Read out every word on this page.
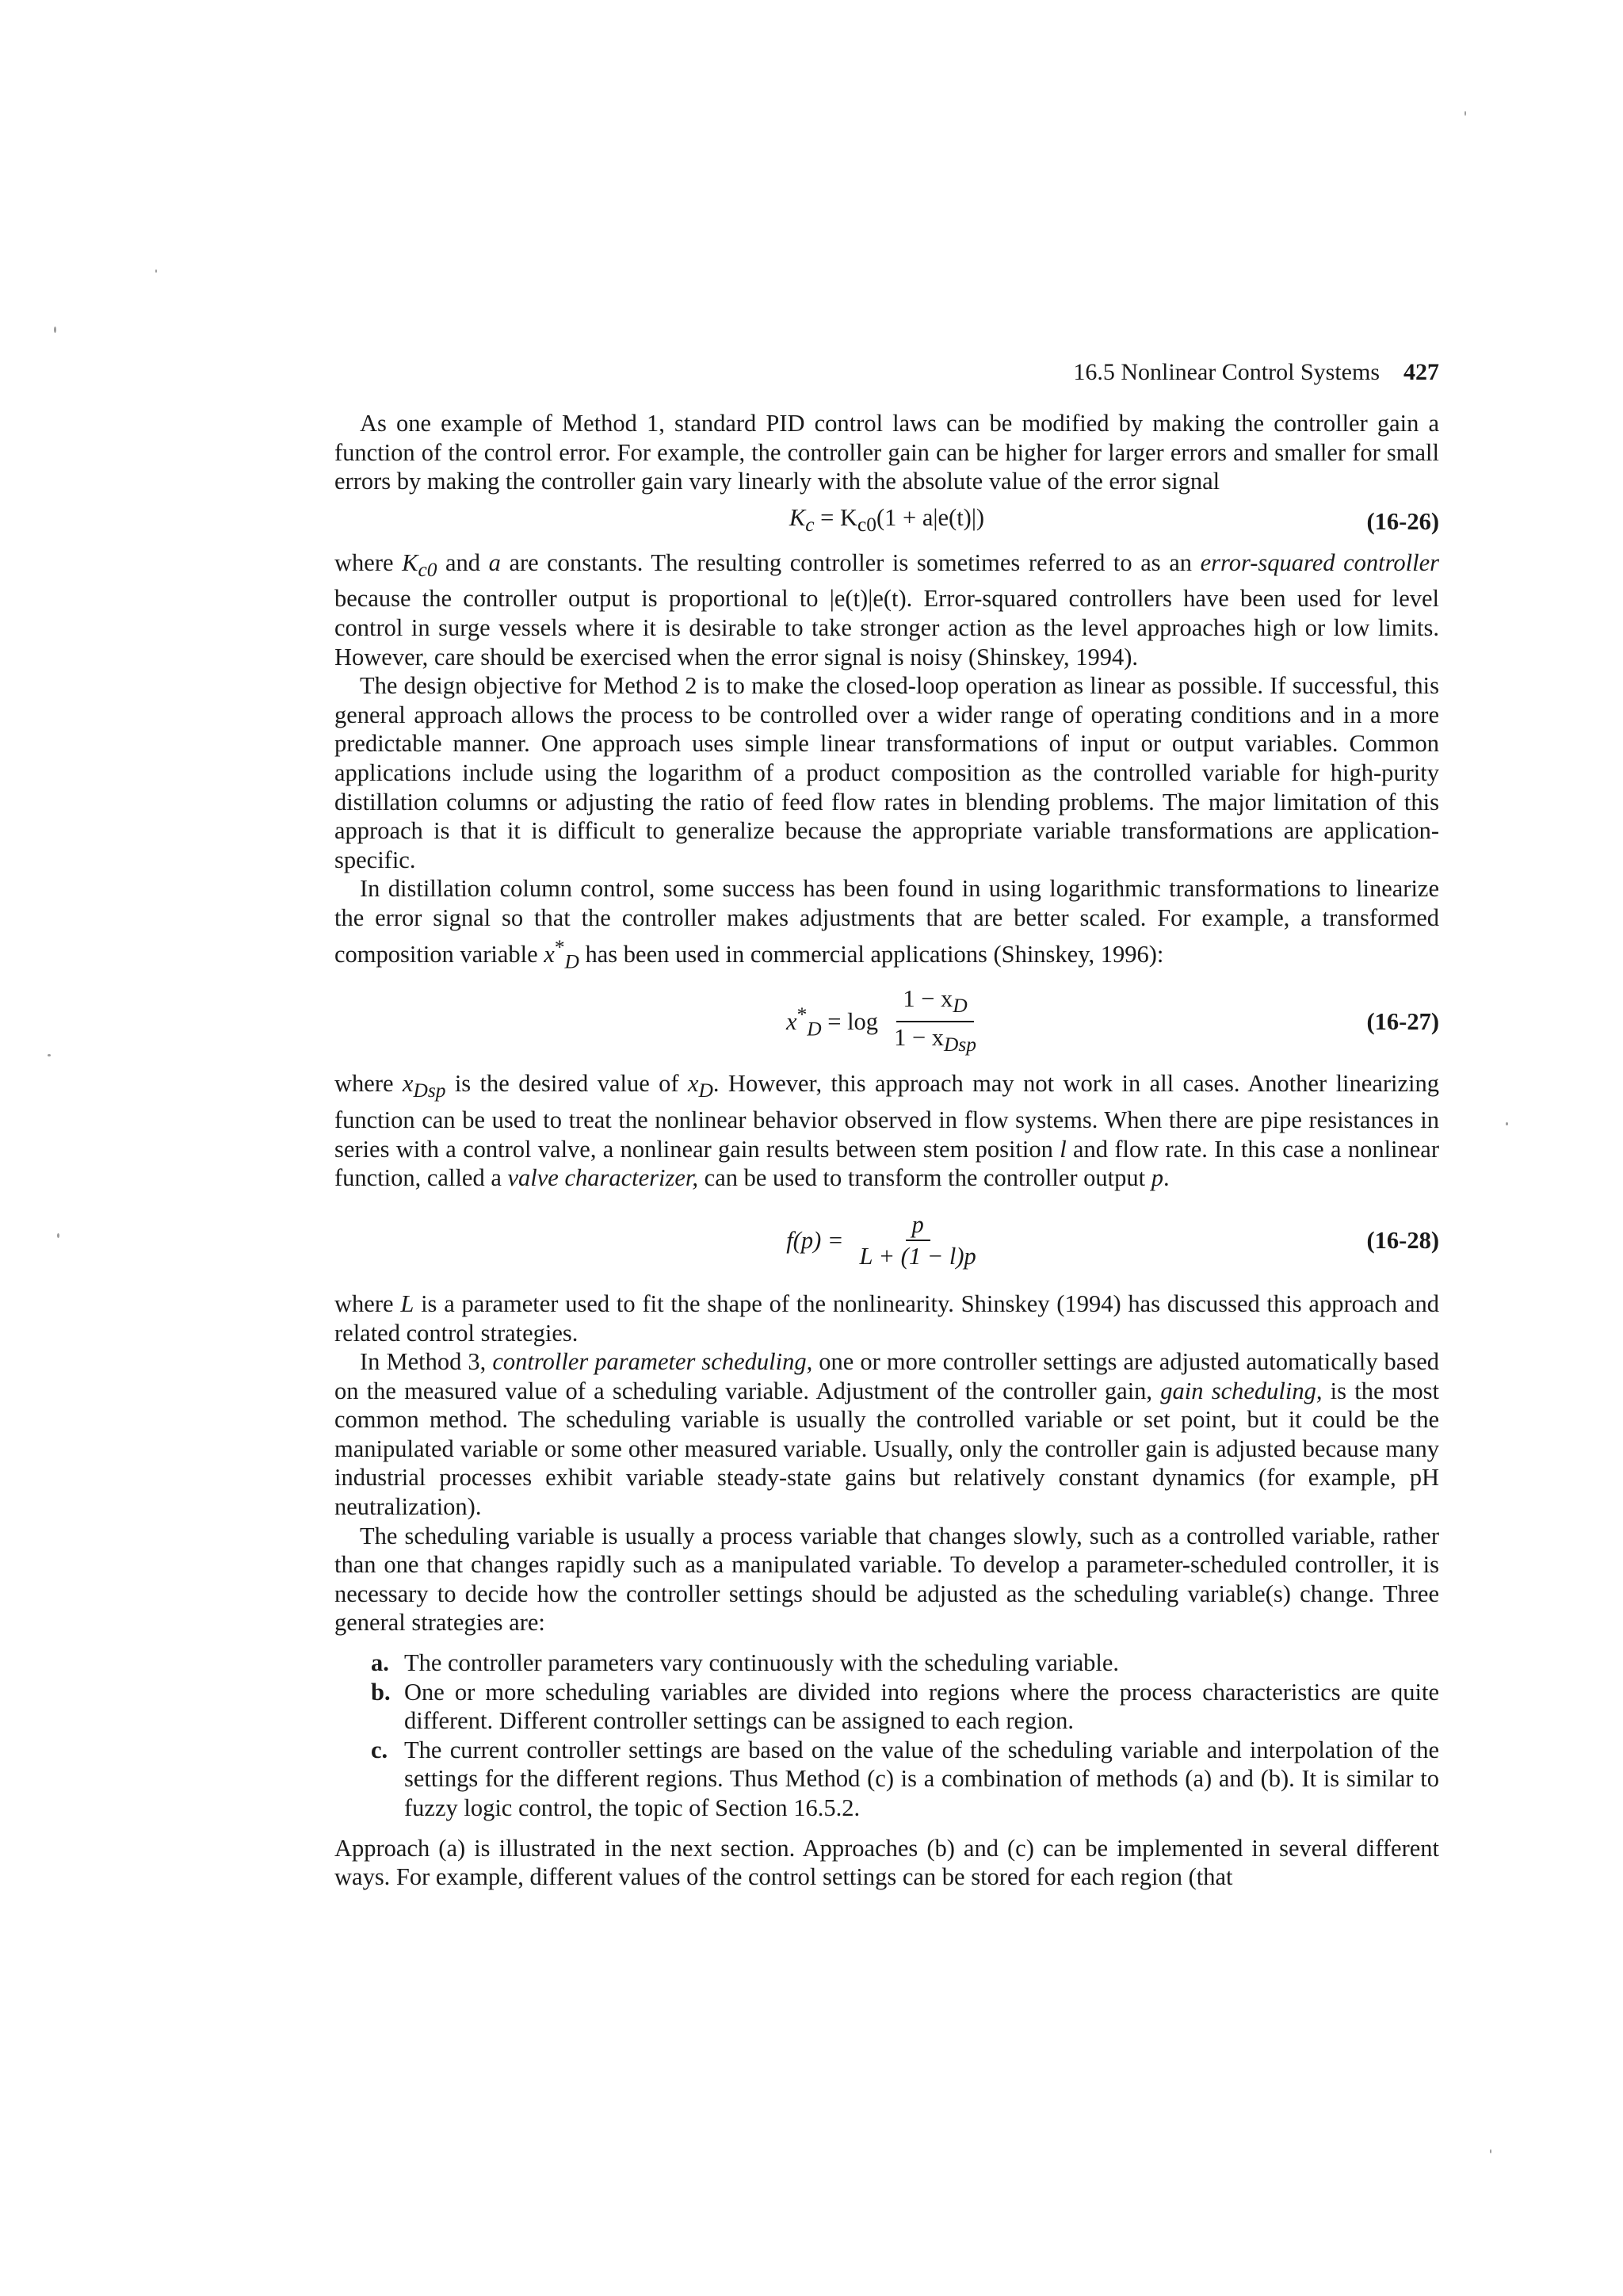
16.5 Nonlinear Control Systems 427

As one example of Method 1, standard PID control laws can be modified by making the controller gain a function of the control error. For example, the controller gain can be higher for larger errors and smaller for small errors by making the controller gain vary linearly with the absolute value of the error signal

$K_c = K_{c0}(1 + a|e(t)|)$	(16-26)

where $K_{c0}$ and a are constants. The resulting controller is sometimes referred to as an error-squared controller because the controller output is proportional to |e(t)|e(t). Error-squared controllers have been used for level control in surge vessels where it is desirable to take stronger action as the level approaches high or low limits. However, care should be exercised when the error signal is noisy (Shinskey, 1994).

The design objective for Method 2 is to make the closed-loop operation as linear as possible. If successful, this general approach allows the process to be controlled over a wider range of operating conditions and in a more predictable manner. One approach uses simple linear transformations of input or output variables. Common applications include using the logarithm of a product composition as the controlled variable for high-purity distillation columns or adjusting the ratio of feed flow rates in blending problems. The major limitation of this approach is that it is difficult to generalize because the appropriate variable transformations are application-specific.

In distillation column control, some success has been found in using logarithmic transformations to linearize the error signal so that the controller makes adjustments that are better scaled. For example, a transformed composition variable $x^*_D$ has been used in commercial applications (Shinskey, 1996):

$x^*_D = \log \frac{1 - x_D}{1 - x_{Dsp}}$	(16-27)

where $x_{Dsp}$ is the desired value of $x_D$. However, this approach may not work in all cases. Another linearizing function can be used to treat the nonlinear behavior observed in flow systems. When there are pipe resistances in series with a control valve, a nonlinear gain results between stem position l and flow rate. In this case a nonlinear function, called a valve characterizer, can be used to transform the controller output p.

$f(p) = \frac{p}{L + (1 - l)p}$	(16-28)

where L is a parameter used to fit the shape of the nonlinearity. Shinskey (1994) has discussed this approach and related control strategies.

In Method 3, controller parameter scheduling, one or more controller settings are adjusted automatically based on the measured value of a scheduling variable. Adjustment of the controller gain, gain scheduling, is the most common method. The scheduling variable is usually the controlled variable or set point, but it could be the manipulated variable or some other measured variable. Usually, only the controller gain is adjusted because many industrial processes exhibit variable steady-state gains but relatively constant dynamics (for example, pH neutralization).

The scheduling variable is usually a process variable that changes slowly, such as a controlled variable, rather than one that changes rapidly such as a manipulated variable. To develop a parameter-scheduled controller, it is necessary to decide how the controller settings should be adjusted as the scheduling variable(s) change. Three general strategies are:

a. The controller parameters vary continuously with the scheduling variable.
b. One or more scheduling variables are divided into regions where the process characteristics are quite different. Different controller settings can be assigned to each region.
c. The current controller settings are based on the value of the scheduling variable and interpolation of the settings for the different regions. Thus Method (c) is a combination of methods (a) and (b). It is similar to fuzzy logic control, the topic of Section 16.5.2.

Approach (a) is illustrated in the next section. Approaches (b) and (c) can be implemented in several different ways. For example, different values of the control settings can be stored for each region (that
